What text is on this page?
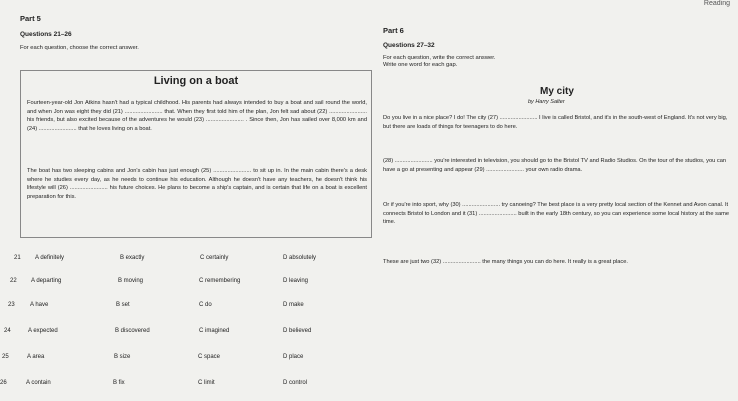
Reading
Part 5
Questions 21–26
For each question, choose the correct answer.
Living on a boat
Fourteen-year-old Jon Atkins hasn't had a typical childhood. His parents had always intended to buy a boat and sail round the world, and when Jon was eight they did (21) ........................ that. When they first told him of the plan, Jon felt sad about (22) ........................ his friends, but also excited because of the adventures he would (23) ........................ . Since then, Jon has sailed over 8,000 km and (24) ........................ that he loves living on a boat.
The boat has two sleeping cabins and Jon's cabin has just enough (25) ........................ to sit up in. In the main cabin there's a desk where he studies every day, as he needs to continue his education. Although he doesn't have any teachers, he doesn't think his lifestyle will (26) ........................ his future choices. He plans to become a ship's captain, and is certain that life on a boat is excellent preparation for this.
21 A definitely	B exactly	C certainly	D absolutely
22 A departing	B moving	C remembering	D leaving
23	A have	B set	C do	D make
24	A expected	B discovered	C imagined	D believed
25	A area	B size	C space	D place
26	A contain	B fix	C limit	D control
Part 6
Questions 27–32
For each question, write the correct answer.
Write one word for each gap.
My city
by Harry Salter
Do you live in a nice place? I do! The city (27) ........................ I live is called Bristol, and it's in the south-west of England. It's not very big, but there are loads of things for teenagers to do here.
(28) ........................ you're interested in television, you should go to the Bristol TV and Radio Studios. On the tour of the studios, you can have a go at presenting and appear (29) ........................ your own radio drama.
Or if you're into sport, why (30) ........................ try canoeing? The best place is a very pretty local section of the Kennet and Avon canal. It connects Bristol to London and it (31) ........................ built in the early 18th century, so you can experience some local history at the same time.
These are just two (32) ........................ the many things you can do here. It really is a great place.
